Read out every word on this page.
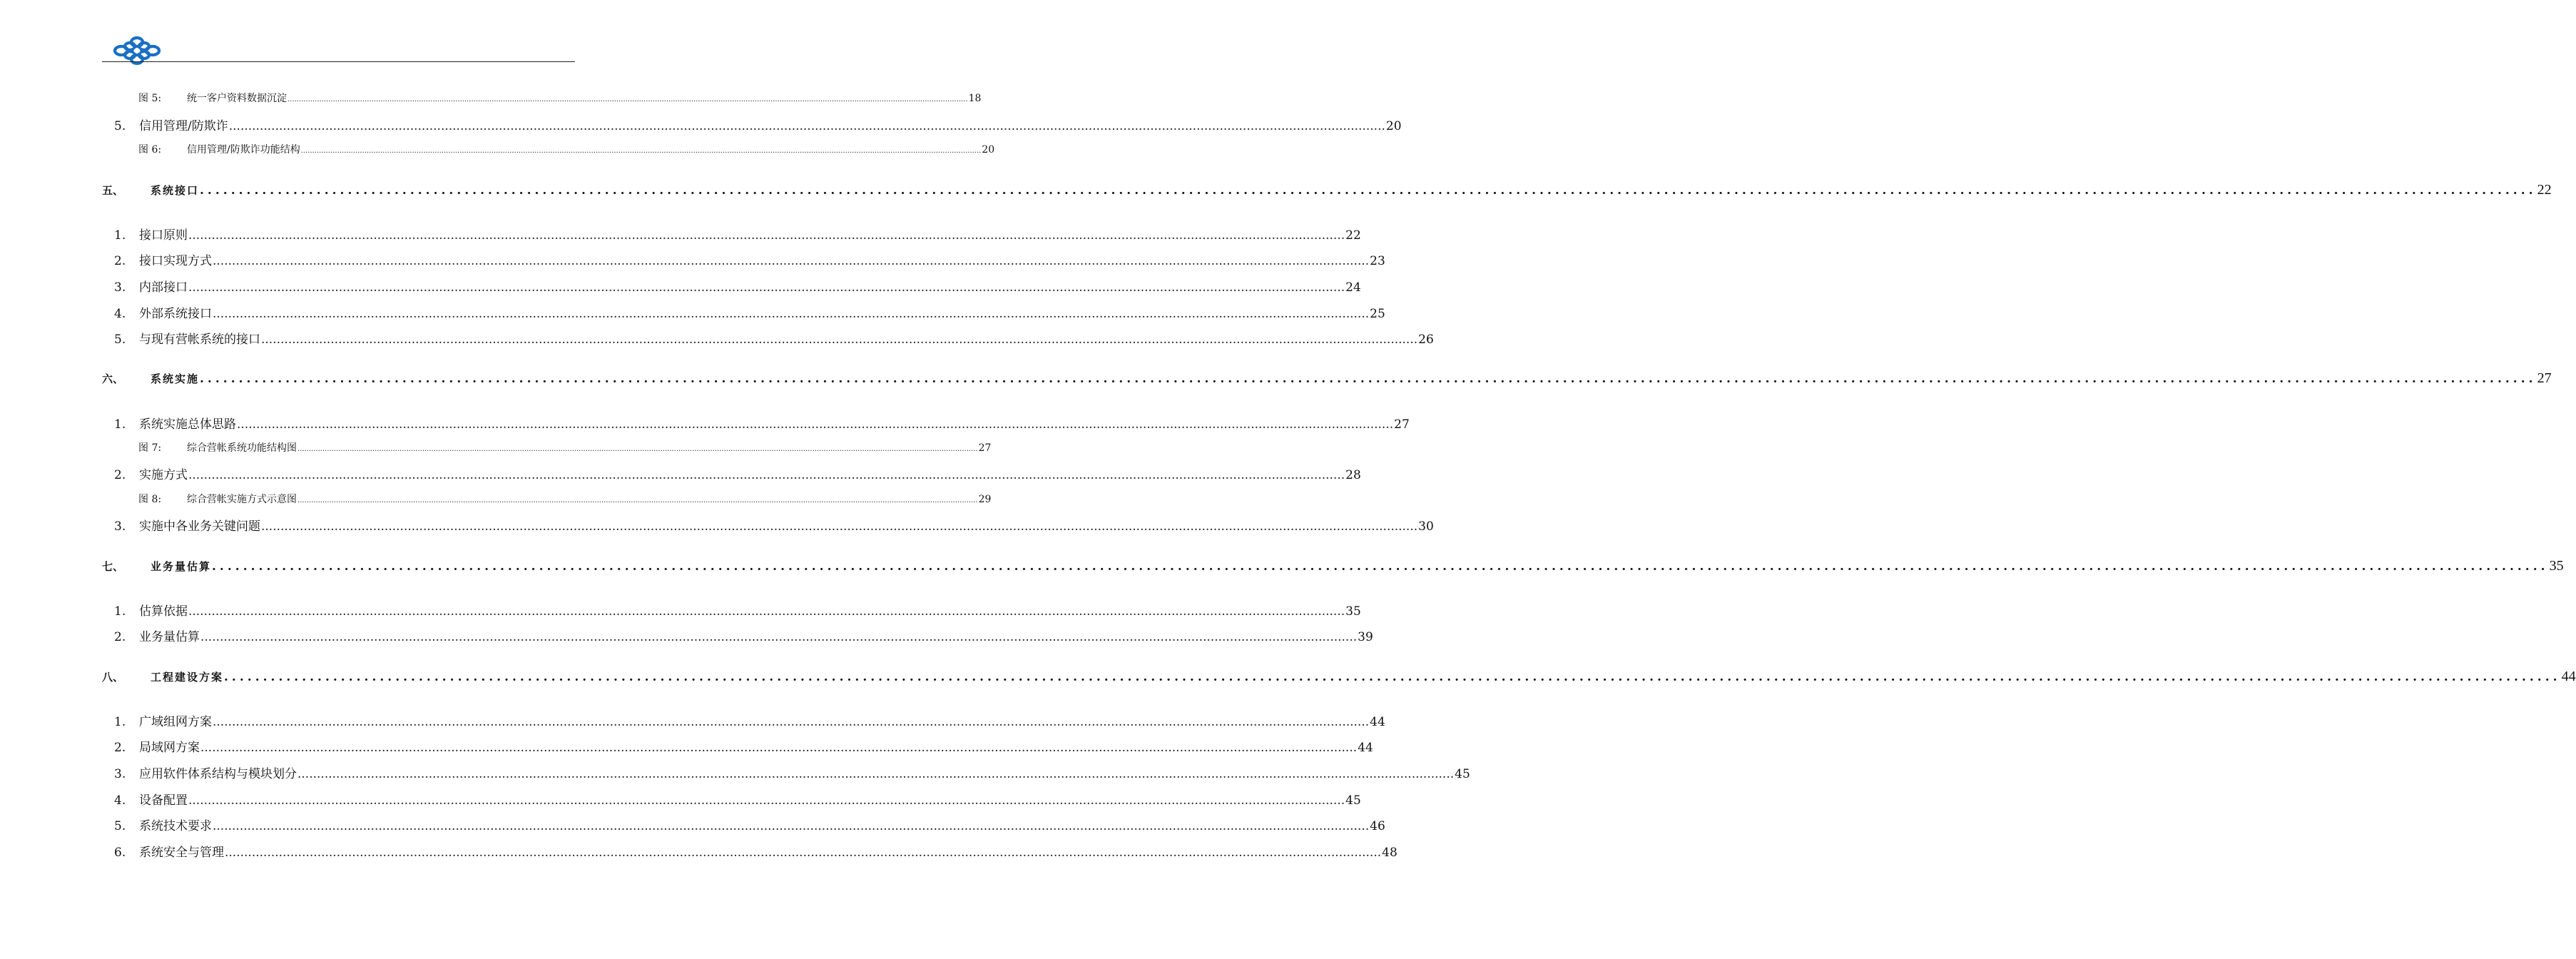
图 5:	统一客户资料数据沉淀 ............................................................................................................................................................................................................................................................................................................ 18
5.	信用管理/防欺诈 ............................................................................................................................................................................................................................................................................................................ 20
图 6:	信用管理/防欺诈功能结构 ............................................................................................................................................................................................................................................................................................................ 20
五、	系统接口 ............................................................................................................................................................................................................................................................................................................ 22
1.	接口原则 ............................................................................................................................................................................................................................................................................................................ 22
2.	接口实现方式 ............................................................................................................................................................................................................................................................................................................ 23
3.	内部接口 ............................................................................................................................................................................................................................................................................................................ 24
4.	外部系统接口 ............................................................................................................................................................................................................................................................................................................ 25
5.	与现有营帐系统的接口 ............................................................................................................................................................................................................................................................................................................ 26
六、	系统实施 ............................................................................................................................................................................................................................................................................................................ 27
1.	系统实施总体思路 ............................................................................................................................................................................................................................................................................................................ 27
图 7:	综合营帐系统功能结构图 ............................................................................................................................................................................................................................................................................................................ 27
2.	实施方式 ............................................................................................................................................................................................................................................................................................................ 28
图 8:	综合营帐实施方式示意图 ............................................................................................................................................................................................................................................................................................................ 29
3.	实施中各业务关键问题 ............................................................................................................................................................................................................................................................................................................ 30
七、	业务量估算 ............................................................................................................................................................................................................................................................................................................ 35
1.	估算依据 ............................................................................................................................................................................................................................................................................................................ 35
2.	业务量估算 ............................................................................................................................................................................................................................................................................................................ 39
八、	工程建设方案 ............................................................................................................................................................................................................................................................................................................ 44
1.	广域组网方案 ............................................................................................................................................................................................................................................................................................................ 44
2.	局域网方案 ............................................................................................................................................................................................................................................................................................................ 44
3.	应用软件体系结构与模块划分 ............................................................................................................................................................................................................................................................................................................ 45
4.	设备配置 ............................................................................................................................................................................................................................................................................................................ 45
5.	系统技术要求 ............................................................................................................................................................................................................................................................................................................ 46
6.	系统安全与管理 ............................................................................................................................................................................................................................................................................................................ 48
